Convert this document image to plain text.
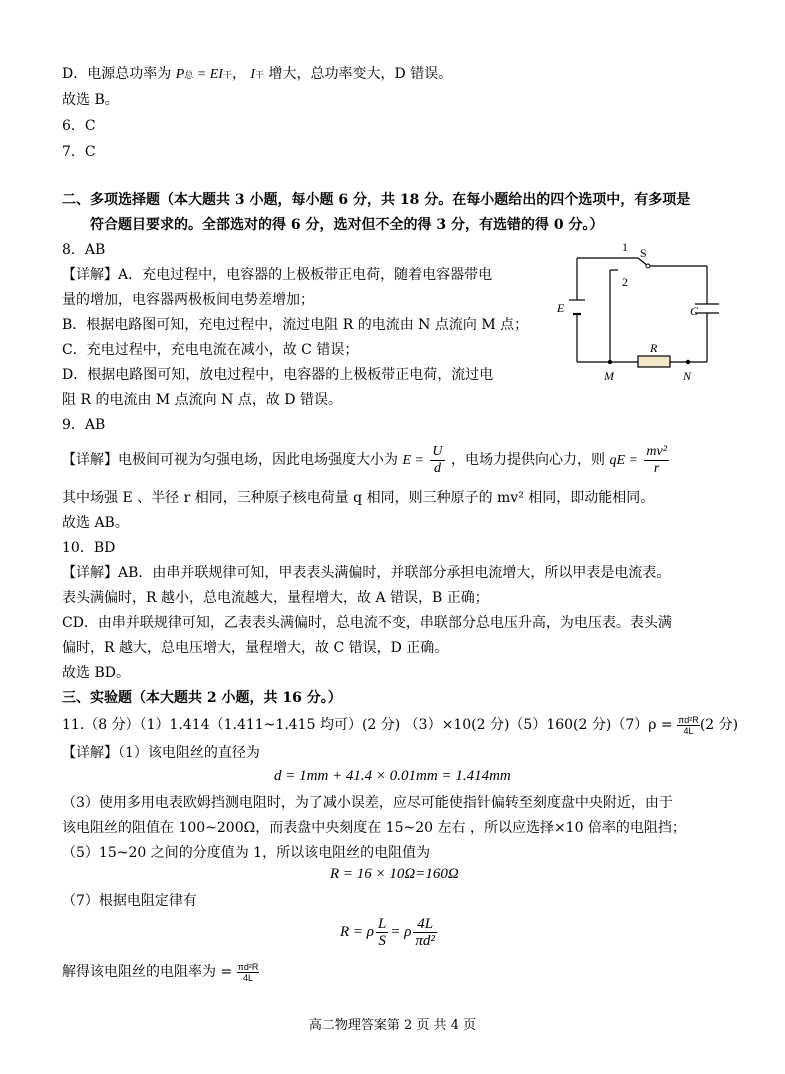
D．电源总功率为 P总 = EI干， I干 增大，总功率变大，D 错误。
故选 B。
6．C
7．C
二、多项选择题（本大题共 3 小题，每小题 6 分，共 18 分。在每小题给出的四个选项中，有多项是
符合题目要求的。全部选对的得 6 分，选对但不全的得 3 分，有选错的得 0 分。）
8．AB
【详解】A．充电过程中，电容器的上极板带正电荷，随着电容器带电
量的增加，电容器两极板间电势差增加；
B．根据电路图可知，充电过程中，流过电阻 R 的电流由 N 点流向 M 点；
C．充电过程中，充电电流在减小，故 C 错误；
D．根据电路图可知，放电过程中，电容器的上极板带正电荷，流过电
阻 R 的电流由 M 点流向 N 点，故 D 错误。
1 S
2
E	C
R
M	N
9．AB
【详解】电极间可视为匀强电场，因此电场强度大小为 $E = \frac{U}{d}$ ，电场力提供向心力，则 qE = $\frac{\text{mv²}}{r}$
其中场强 E 、半径 r 相同，三种原子核电荷量 q 相同，则三种原子的 mv² 相同，即动能相同。
故选 AB。
10．BD
【详解】AB．由串并联规律可知，甲表表头满偏时，并联部分承担电流增大，所以甲表是电流表。
表头满偏时，R 越小，总电流越大，量程增大，故 A 错误，B 正确；
CD．由串并联规律可知，乙表表头满偏时，总电流不变，串联部分总电压升高，为电压表。表头满
偏时，R 越大，总电压增大，量程增大，故 C 错误，D 正确。
故选 BD。
三、实验题（本大题共 2 小题，共 16 分。）
11.（8 分）（1）1.414（1.411~1.415 均可）(2 分) （3）×10(2 分)（5）160(2 分)$(7)\rho = \frac{\text{πd²R}}{4L} (2$ 分)
【详解】（1）该电阻丝的直径为
d = 1mm + 41.4 × 0.01mm = 1.414mm
（3）使用多用电表欧姆挡测电阻时，为了减小误差，应尽可能使指针偏转至刻度盘中央附近，由于
该电阻丝的阻值在 100~200Ω，而表盘中央刻度在 15~20 左右 ，所以应选择×10 倍率的电阻挡；
（5）15~20 之间的分度值为 1，所以该电阻丝的电阻值为
R = 16 × 10Ω=160Ω
（7）根据电阻定律有
R = ρ $\frac{L}{S} = \rho \frac{4L}{\text{πd²}}$
解得该电阻丝的电阻率为 = $\frac{\text{πd²R}}{4L}$
高二物理答案第 2 页 共 4 页
